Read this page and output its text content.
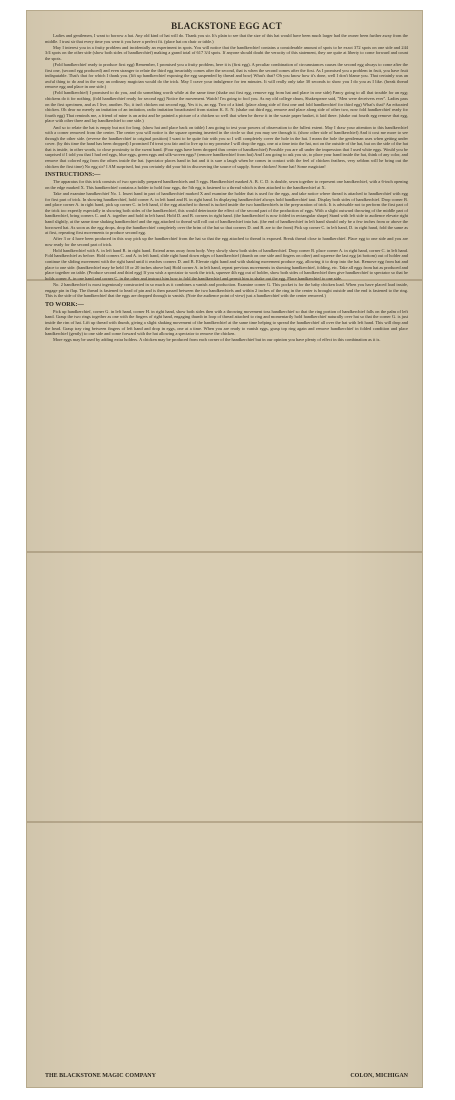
BLACKSTONE EGG ACT

Ladies and gentlemen, I want to borrow a hat. Any old kind of hat will do. Thank you sir. It's plain to see that the size of this hat would have been much larger had the owner been further away from the middle. I trust sir that every time you wear it you have a perfect fit. (place hat on chair or table.)

May I interest you in a fruity problem and incidentally an experiment in spots. You will notice that the handkerchief contains a considerable amount of spots to be exact 372 spots on one side and 244 3/4 spots on the other side (show both sides of handkerchief) making a grand total of 617 3/4 spots. If anyone should doubt the veracity of this statement, they are quite at liberty to come forward and count the spots.

(Fold handkerchief ready to produce first egg) Remember, I promised you a fruity problem, here it is (first egg). A peculiar combination of circumstances causes the second egg always to come after the first one, (second egg produced) and even stranger to relate the third egg invariably comes after the second, that is when the second comes after the first. As I promised you a problem in fruit, you have fruit indisputable. That's that for which I thank you. (lift up handkerchief exposing the egg suspended by thread and bow) What's that? Oh you know how it's done, well I don't blame you. That certainly was an awful thing to do and in the way an ordinary magician would do the trick. May I crave your indulgence for ten minutes. It will really only take 30 seconds to show you I do you as I like. (break thread remove egg and place in one side.)

(Fold handkerchief) I promised to do you, and do something worth while at the same time (shake out first egg, remove egg from hat and place in one side) Fancy going to all that trouble for an egg; chickens do it for nothing. (fold handkerchief ready for second egg) Notice the movement. Watch! I'm going to fool you. As my old college chum, Shakespeare said, "Men were deceivers ever". Ladies pass on the first specimen, and as I live, another. No, it isn't chicken out second egg. Yes it is, an egg. Two of a kind. (place along side of first one and fold handkerchief for third egg) What's that? An educated chicken. Oh dear no merely an imitation of an imitation, radio imitation broadcasted from station K. E. N. (shake out third egg, remove and place along side of other two, now fold handkerchief ready for fourth egg) That reminds me, a friend of mine is an artist and he painted a picture of a chicken so well that when he threw it in the waste paper basket, it laid there. (shake out fourth egg remove that egg, place with other three and lay handkerchief to one side.)

And so to relate the hat is empty but not for long. (show hat and place back on table) I am going to test your powers of observation to the fullest extent. May I draw your attention to this handkerchief with a corner removed from the center. The center you will notice is the square opening inserted in the circle so that you may see through it. (show other side of handkerchief) And it cost me more to see through the other side. (reverse the handkerchief to original position) I want to be quite fair with you so I will completely cover the hole in the hat. I mean the hole the gentleman uses when getting under cover. (by this time the hand has been dropped) I promised I'd treat you fair and to live up to my promise I will drop the eggs, one at a time into the hat, not on the outside of the hat, but on the side of the hat that is inside, in other words, to close proximity to the sweat band. (Four eggs have been dropped thru center of handkerchief) Possible you are all under the impression that I used white eggs. Would you be surprised if I told you that I had red eggs, blue eggs, green eggs and silk-woven eggs? (remove handkerchief from hat) And I am going to ask you sir, to place your hand inside the hat, think of any color, and remove that colored egg from the others inside the hat. (spectator places hand in hat and it is sure a laugh when he comes in contact with the feel of chicken feathers, very seldom will he bring out the chicken the first time) No egg sir? I AM surprised, but you certainly did your bit in discovering the source of supply. Some chicken! Some hat! Some magician!

INSTRUCTIONS:—

The apparatus for this trick consists of two specially prepared handkerchiefs and 5 eggs. Handkerchief marked A. B. C. D. is double, sewn together to represent one handkerchief, with a 6-inch opening on the edge marked X. This handkerchief contains a holder to hold four eggs, the 5th egg is fastened to a thread which is then attached to the handkerchief at X.

Take and examine handkerchief No. 1. Insert hand in part of handkerchief marked X and examine the holder that is used for the eggs, and take notice where thread is attached to handkerchief with egg for first part of trick. In showing handkerchief, hold corner A. in left hand and B. in right hand. In displaying handkerchief always hold handkerchief taut. Display both sides of handkerchief. Drop corner B. and place corner A. in right hand, pick up corner C. in left hand, if the egg attached to thread is tucked inside the two handkerchiefs in the prep-aration of trick. It is advisable not to perform the first part of the trick too expertly especially in showing both sides of the handkerchief, this would deteriorate the effect of the second part of the production of eggs. With a slight outward throwing of the middle part of handkerchief, bring corners C. and A. together and hold in left hand. Hold D. and B. corners in right hand. (the handkerchief is now folded in rectangular shape) Stand with left side to audience elevate right hand slightly, at the same time shaking handkerchief and the egg attached to thread will roll out of handkerchief into hat. (the end of handkerchief in left hand should only be a few inches from or above the borrowed hat. As soon as the egg drops, drop the handkerchief completely over the brim of the hat so that corners D. and B. are to the front) Pick up corner C. in left hand, D. in right hand, fold the same as at first, repeating first movements to produce second egg.

After 3 or 4 have been produced in this way pick up the handkerchief from the hat so that the egg attached to thread is exposed. Break thread close to handkerchief. Place egg to one side and you are now ready for the second part of trick.

Hold handkerchief with A. in left hand B. in right hand. Extend arms away from body. Very slowly show both sides of handkerchief. Drop corner B. place corner A. in right hand, corner C. in left hand. Fold handkerchief as before. Hold corners C. and A. in left hand, slide right hand down edges of handkerchief (thumb on one side and fingers on other) and squeeze the last egg (at bottom) out of holder and continue the sliding movement with the right hand until it reaches corners D. and B. Elevate right hand and with shaking movement produce egg, allowing it to drop into the hat. Remove egg from hat and place to one side. (handkerchief may be held 10 or 20 inches above hat) Hold corner A. in left hand, repeat previous movements in showing handkerchief, folding, etc. Take all eggs from hat as produced and place together on table. (Produce second and third egg) If you wish a spectator to work the trick, squeeze 4th egg out of holder, show both sides of handkerchief then give handkerchief to spectator so that he holds corner A. in one hand and corner C. in the other and instruct him how to fold the handkerchief and permit him to shake out the egg. Place handkerchief to one side.

No. 2 handkerchief is most ingeniously constructed in so much as it combines a vanish and production. Examine corner G. This pocket is for the baby chicken load. When you have placed load inside, engage pin in flap. The thread is fastened to head of pin and is then passed between the two handkerchiefs and within 2 inches of the ring in the center is brought outside and the end is fastened to the ring. This is the side of the handkerchief that the eggs are dropped through to vanish. (Note the audience point of view) just a handkerchief with the center removed.)

TO WORK:—

Pick up handkerchief, corner G. in left hand, corner H. in right hand, show both sides then with a throwing movement toss handkerchief so that the ring portion of handkerchief falls on the palm of left hand. Grasp the two rings together as one with the fingers of right hand, engaging thumb in loop of thread attached to ring and momentarily hold handkerchief naturally over hat so that the corner G. is just inside the rim of hat. Lift up thread with thumb, giving a slight shaking movement of the handkerchief at the same time helping to spread the handkerchief all over the hat with left hand. This will drop and the head. Grasp tray ring between fingers of left hand and drop in eggs, one at a time. When you are ready to vanish eggs, grasp top ring again and remove handkerchief in folded condition and place handkerchief (gently) to one side and come forward with the hat allowing a spectator to remove the chicken.

More eggs may be used by adding extra holders. A chicken may be produced from each corner of the handkerchief but in our opinion you have plenty of effect in this combination as it is.

THE BLACKSTONE MAGIC COMPANY	COLON, MICHIGAN
